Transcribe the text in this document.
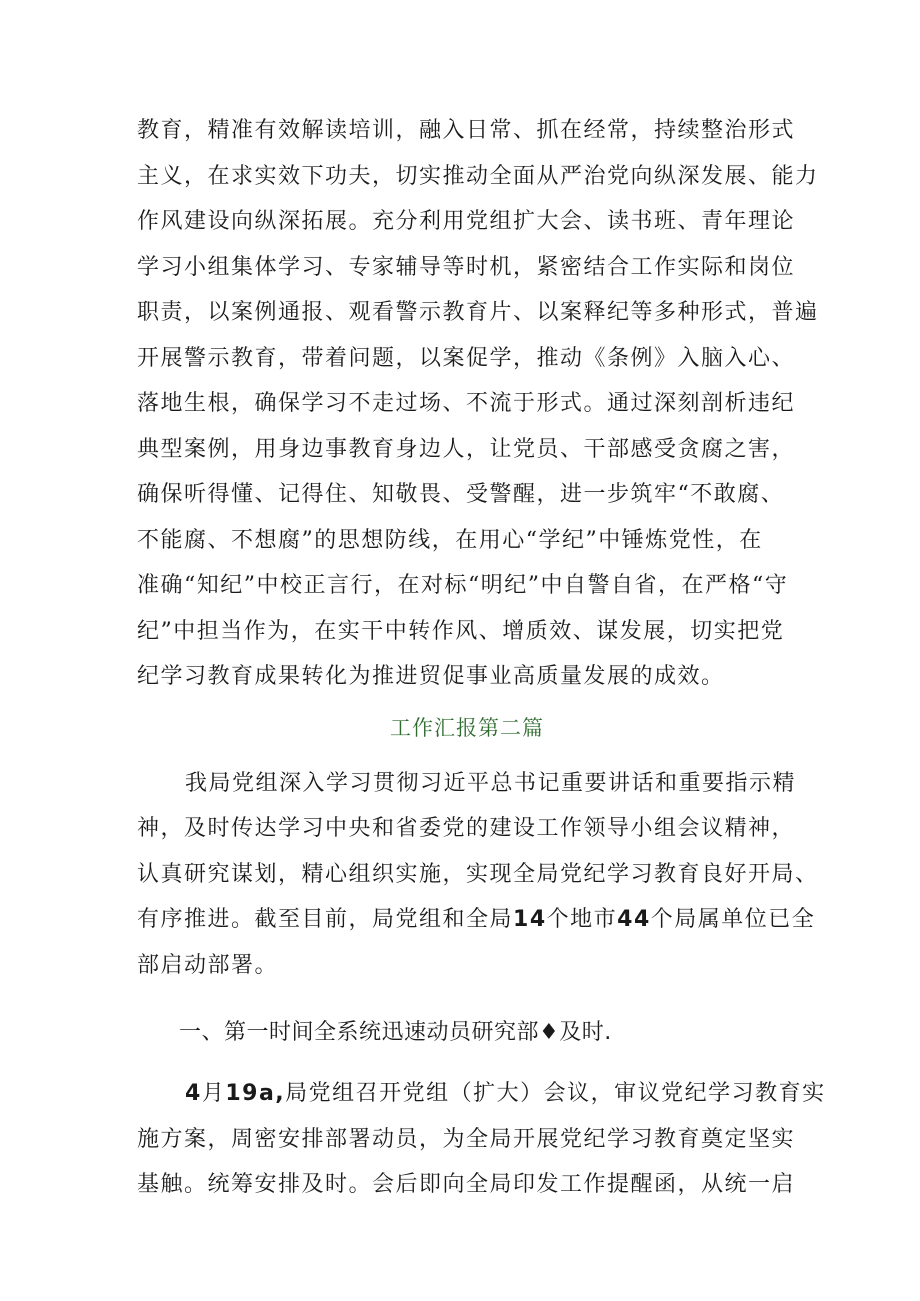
教育，精准有效解读培训，融入日常、抓在经常，持续整治形式
主义，在求实效下功夫，切实推动全面从严治党向纵深发展、能力
作风建设向纵深拓展。充分利用党组扩大会、读书班、青年理论
学习小组集体学习、专家辅导等时机，紧密结合工作实际和岗位
职责，以案例通报、观看警示教育片、以案释纪等多种形式，普遍
开展警示教育，带着问题，以案促学，推动《条例》入脑入心、
落地生根，确保学习不走过场、不流于形式。通过深刻剖析违纪
典型案例，用身边事教育身边人，让党员、干部感受贪腐之害，
确保听得懂、记得住、知敬畏、受警醒，进一步筑牢“不敢腐、
不能腐、不想腐”的思想防线，在用心“学纪”中锤炼党性，在
准确“知纪”中校正言行，在对标“明纪”中自警自省，在严格“守
纪”中担当作为，在实干中转作风、增质效、谋发展，切实把党
纪学习教育成果转化为推进贸促事业高质量发展的成效。
工作汇报第二篇
我局党组深入学习贯彻习近平总书记重要讲话和重要指示精
神，及时传达学习中央和省委党的建设工作领导小组会议精神，
认真研究谋划，精心组织实施，实现全局党纪学习教育良好开局、
有序推进。截至目前，局党组和全局14个地市44个局属单位已全
部启动部署。
一、第一时间全系统迅速动员研究部♦及时.
4月19a,局党组召开党组（扩大）会议，审议党纪学习教育实
施方案，周密安排部署动员，为全局开展党纪学习教育奠定坚实
基触。统筹安排及时。会后即向全局印发工作提醒函，从统一启
